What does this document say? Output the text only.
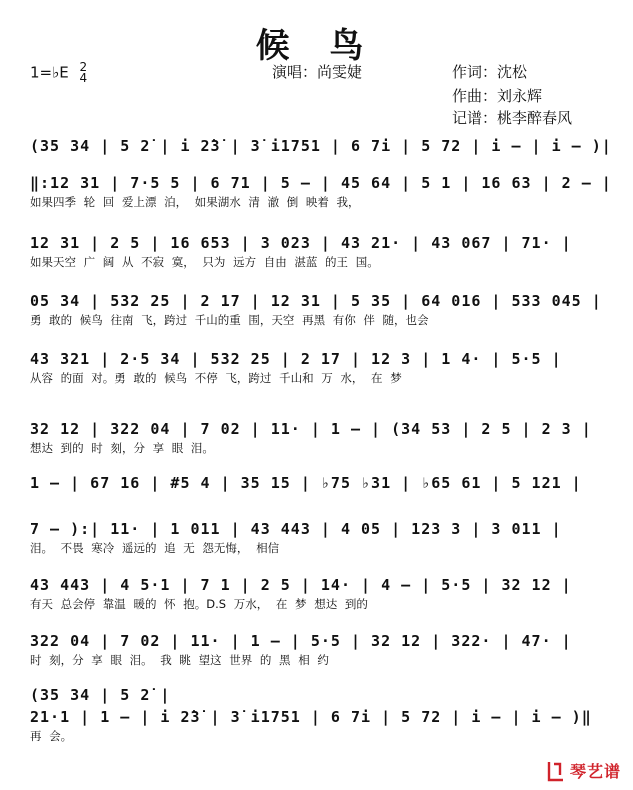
候 鸟
1=♭E 2
4	演唱：尚雯婕	作词：沈松
作曲：刘永辉
记谱：桃李醉春风
(35 34 | 5 2̇ | i 2̇3̇ | 3̇ i1751 | 6 7i | 5 72 | i – | i – )|
‖:12 31 | 7·5 5 | 6 71 | 5 – | 45 64 | 5 1 | 16 63 | 2 – |
如果四季 轮 回 爱上漂 泊， 如果湖水 清 澈 倒 映着 我，
12 31 | 2 5 | 16 653 | 3 023 | 43 21· | 43 067 | 71· |
如果天空 广 阔 从 不寂 寞， 只为 远方 自由 湛蓝 的王 国。
05 34 | 532 25 | 2 17 | 12 31 | 5 35 | 64 016 | 533 045 |
勇 敢的 候鸟 往南 飞，跨过 千山的重 围，天空 再黑 有你 伴 随，也会
43 321 | 2·5 34 | 532 25 | 2 17 | 12 3 | 1 4· | 5·5 |
从容 的面 对。勇 敢的 候鸟 不停 飞，跨过 千山和 万 水， 在 梦
32 12 | 322 04 | 7 02 | 11· | 1 – | (34 53 | 2 5 | 2 3 |
想达 到的 时 刻，分 享 眼 泪。
1 – | 67 16 | #5 4 | 35 15 | ♭75 ♭31 | ♭65 61 | 5 121 |
7 – ):| 11· | 1 011 | 43 443 | 4 05 | 123 3 | 3 011 |
泪。 不畏 寒冷 遥远的 追 无 怨无悔， 相信
43 443 | 4 5·1 | 7 1 | 2 5 | 14· | 4 – | 5·5 | 32 12 |
有天 总会停 靠温 暖的 怀 抱。D.S 万水， 在 梦 想达 到的
322 04 | 7 02 | 11· | 1 – | 5·5 | 32 12 | 322· | 47· |
时 刻，分 享 眼 泪。 我 眺 望这 世界 的 黑 相 约
(35 34 | 5 2̇ |
21·1 | 1 – | i 2̇3̇ | 3̇ i1751 | 6 7i | 5 72 | i – | i – )‖
再 会。
琴艺谱
